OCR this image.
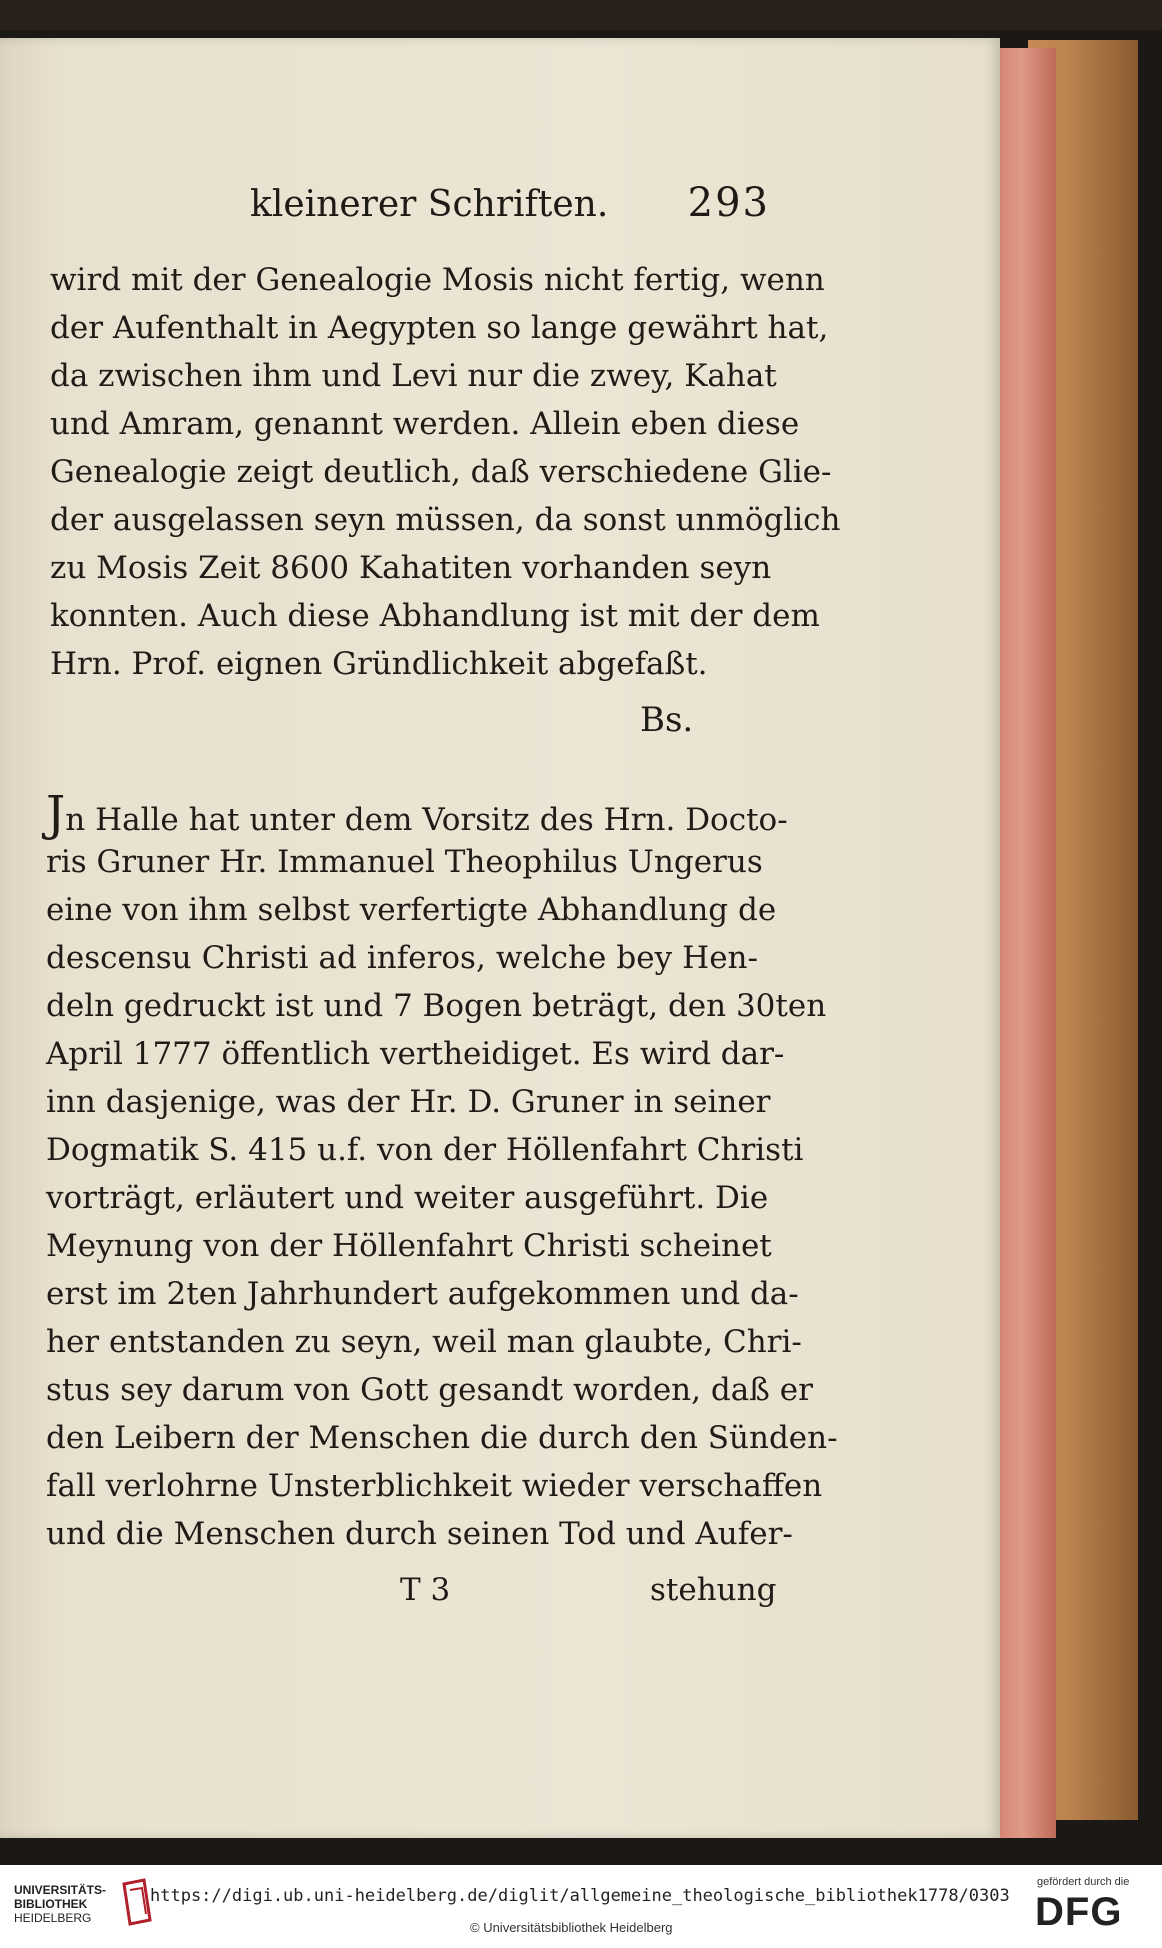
kleinerer Schriften. 293
wird mit der Genealogie Mosis nicht fertig, wenn
der Aufenthalt in Aegypten so lange gewährt hat,
da zwischen ihm und Levi nur die zwey, Kahat
und Amram, genannt werden. Allein eben diese
Genealogie zeigt deutlich, daß verschiedene Glie-
der ausgelassen seyn müssen, da sonst unmöglich
zu Mosis Zeit 8600 Kahatiten vorhanden seyn
konnten. Auch diese Abhandlung ist mit der dem
Hrn. Prof. eignen Gründlichkeit abgefaßt.
Bs.
Jn Halle hat unter dem Vorsitz des Hrn. Docto-
ris Gruner Hr. Immanuel Theophilus Ungerus
eine von ihm selbst verfertigte Abhandlung de
descensu Christi ad inferos, welche bey Hen-
deln gedruckt ist und 7 Bogen beträgt, den 30ten
April 1777 öffentlich vertheidiget. Es wird dar-
inn dasjenige, was der Hr. D. Gruner in seiner
Dogmatik S. 415 u.f. von der Höllenfahrt Christi
vorträgt, erläutert und weiter ausgeführt. Die
Meynung von der Höllenfahrt Christi scheinet
erst im 2ten Jahrhundert aufgekommen und da-
her entstanden zu seyn, weil man glaubte, Chri-
stus sey darum von Gott gesandt worden, daß er
den Leibern der Menschen die durch den Sünden-
fall verlohrne Unsterblichkeit wieder verschaffen
und die Menschen durch seinen Tod und Aufer-
T 3	stehung
UNIVERSITÄTS-
BIBLIOTHEK
HEIDELBERG
https://digi.ub.uni-heidelberg.de/diglit/allgemeine_theologische_bibliothek1778/0303
© Universitätsbibliothek Heidelberg
gefördert durch die
DFG
